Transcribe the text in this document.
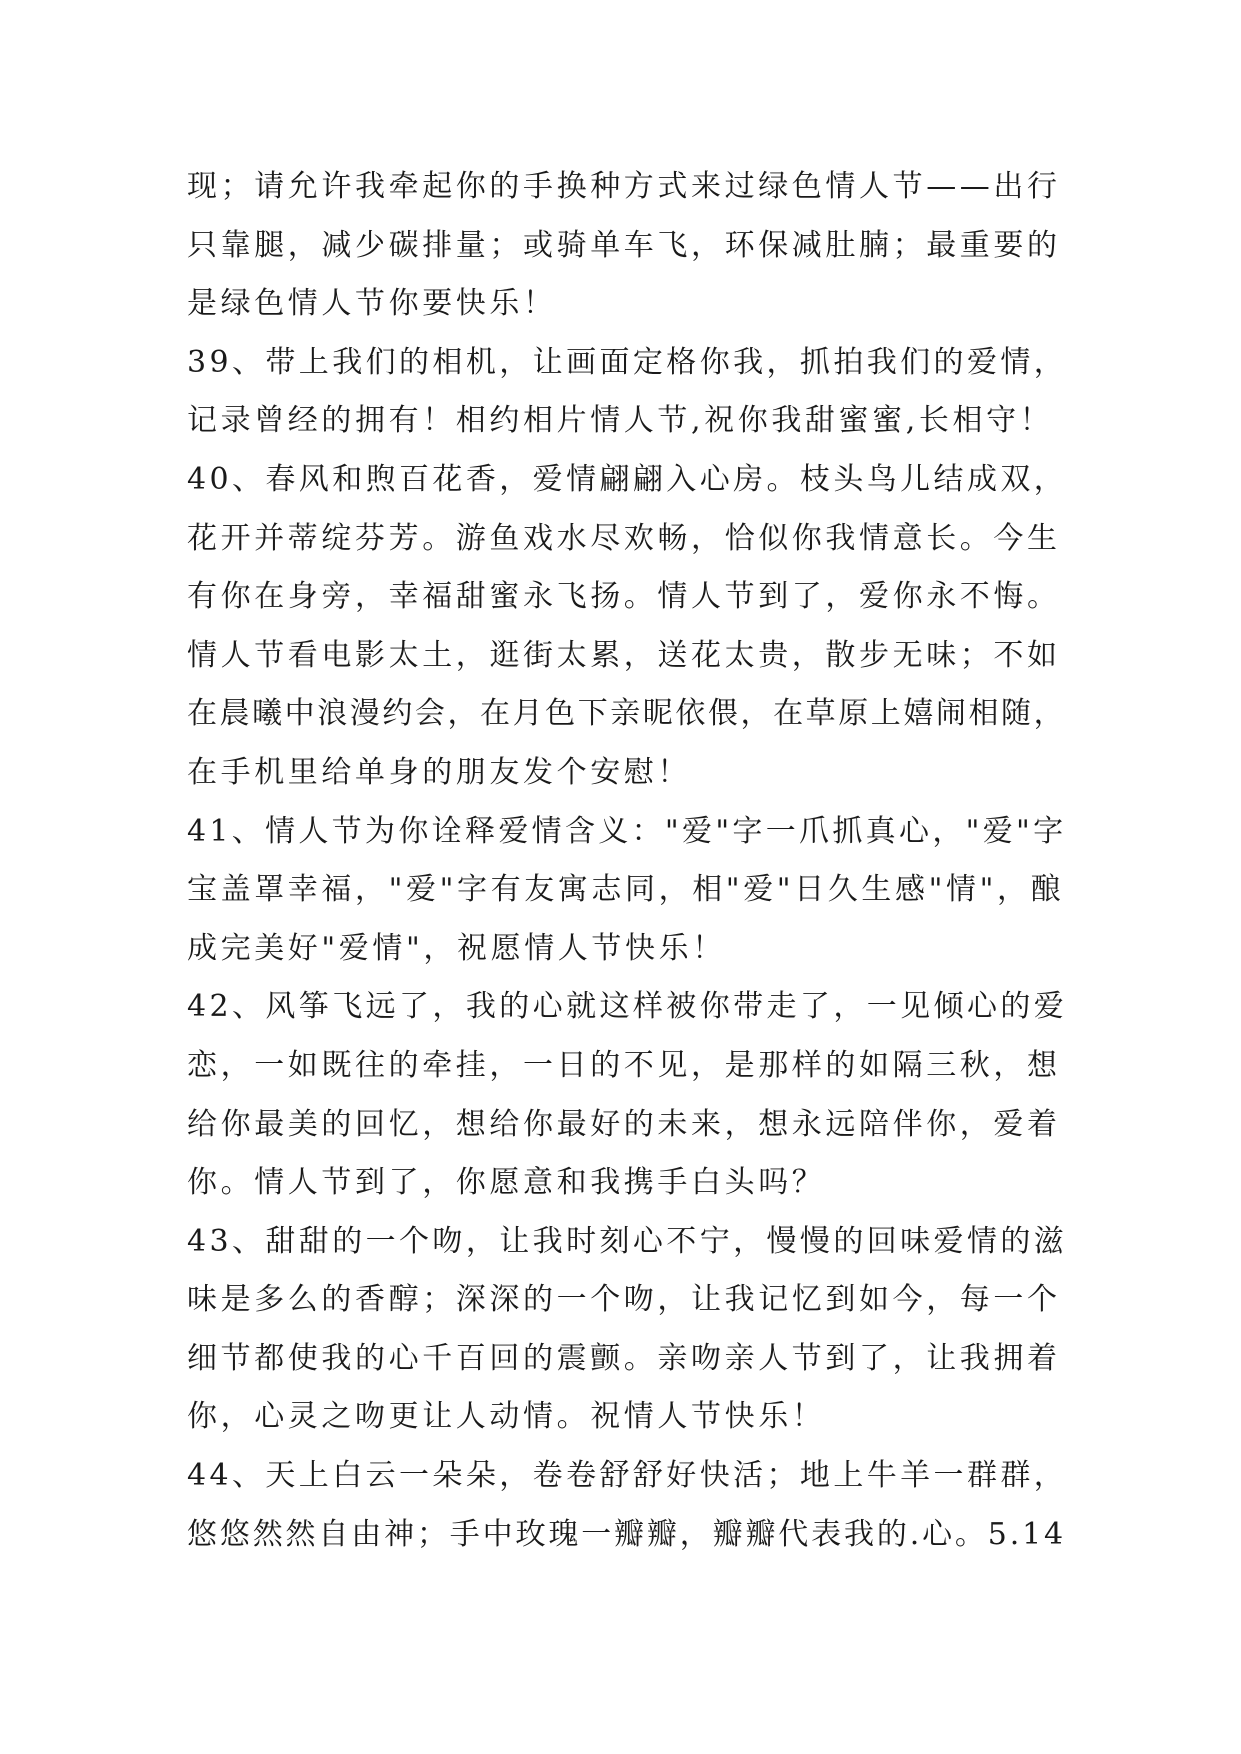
现；请允许我牵起你的手换种方式来过绿色情人节——出行
只靠腿，减少碳排量；或骑单车飞，环保减肚腩；最重要的
是绿色情人节你要快乐！
39、带上我们的相机，让画面定格你我，抓拍我们的爱情，
记录曾经的拥有！相约相片情人节,祝你我甜蜜蜜,长相守！
40、春风和煦百花香，爱情翩翩入心房。枝头鸟儿结成双，
花开并蒂绽芬芳。游鱼戏水尽欢畅，恰似你我情意长。今生
有你在身旁，幸福甜蜜永飞扬。情人节到了，爱你永不悔。
情人节看电影太土，逛街太累，送花太贵，散步无味；不如
在晨曦中浪漫约会，在月色下亲昵依偎，在草原上嬉闹相随，
在手机里给单身的朋友发个安慰！
41、情人节为你诠释爱情含义："爱"字一爪抓真心，"爱"字
宝盖罩幸福，"爱"字有友寓志同，相"爱"日久生感"情"，酿
成完美好"爱情"，祝愿情人节快乐！
42、风筝飞远了，我的心就这样被你带走了，一见倾心的爱
恋，一如既往的牵挂，一日的不见，是那样的如隔三秋，想
给你最美的回忆，想给你最好的未来，想永远陪伴你，爱着
你。情人节到了，你愿意和我携手白头吗？
43、甜甜的一个吻，让我时刻心不宁，慢慢的回味爱情的滋
味是多么的香醇；深深的一个吻，让我记忆到如今，每一个
细节都使我的心千百回的震颤。亲吻亲人节到了，让我拥着
你，心灵之吻更让人动情。祝情人节快乐！
44、天上白云一朵朵，卷卷舒舒好快活；地上牛羊一群群，
悠悠然然自由神；手中玫瑰一瓣瓣，瓣瓣代表我的.心。5.14
